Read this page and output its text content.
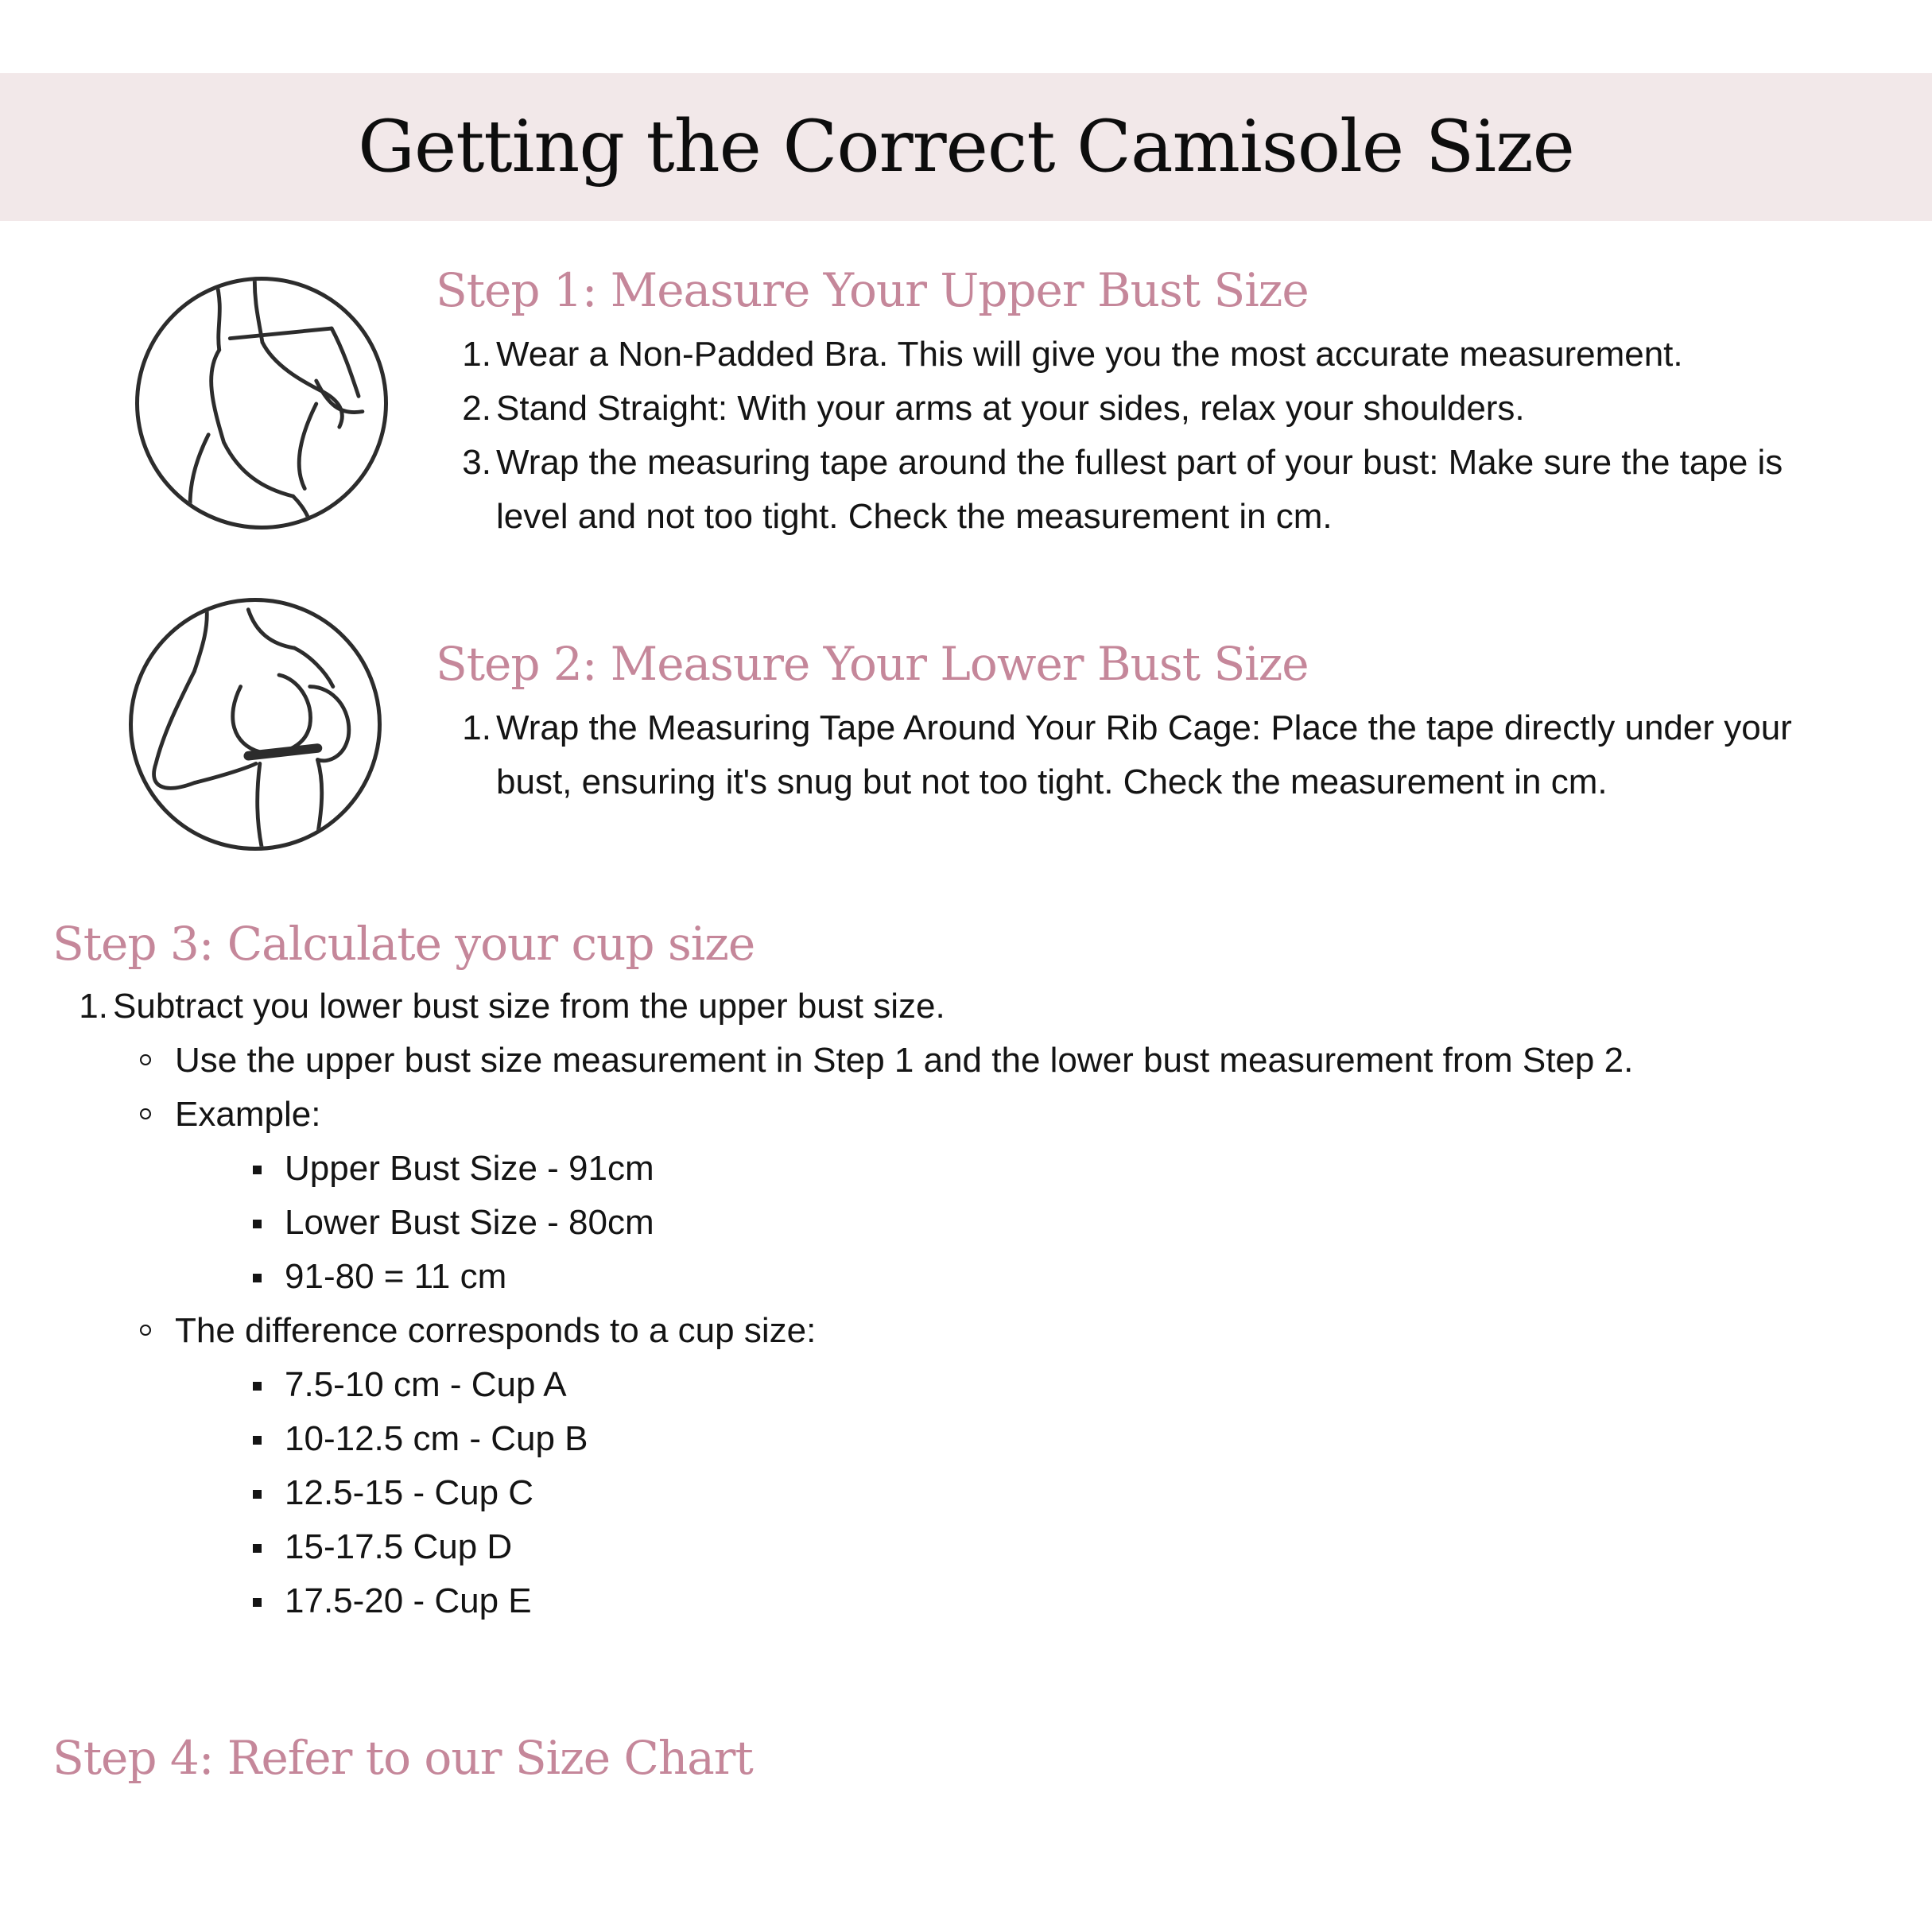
Getting the Correct Camisole Size
Step 1: Measure Your Upper Bust Size
1. Wear a Non-Padded Bra. This will give you the most accurate measurement.
2. Stand Straight: With your arms at your sides, relax your shoulders.
3. Wrap the measuring tape around the fullest part of your bust: Make sure the tape is level and not too tight. Check the measurement in cm.
Step 2: Measure Your Lower Bust Size
1. Wrap the Measuring Tape Around Your Rib Cage: Place the tape directly under your bust, ensuring it's snug but not too tight. Check the measurement in cm.
Step 3: Calculate your cup size
1. Subtract you lower bust size from the upper bust size.
Use the upper bust size measurement in Step 1 and the lower bust measurement from Step 2.
Example:
Upper Bust Size - 91cm
Lower Bust Size - 80cm
91-80 = 11 cm
The difference corresponds to a cup size:
7.5-10 cm - Cup A
10-12.5 cm - Cup B
12.5-15 - Cup C
15-17.5 Cup D
17.5-20 - Cup E
Step 4: Refer to our Size Chart
